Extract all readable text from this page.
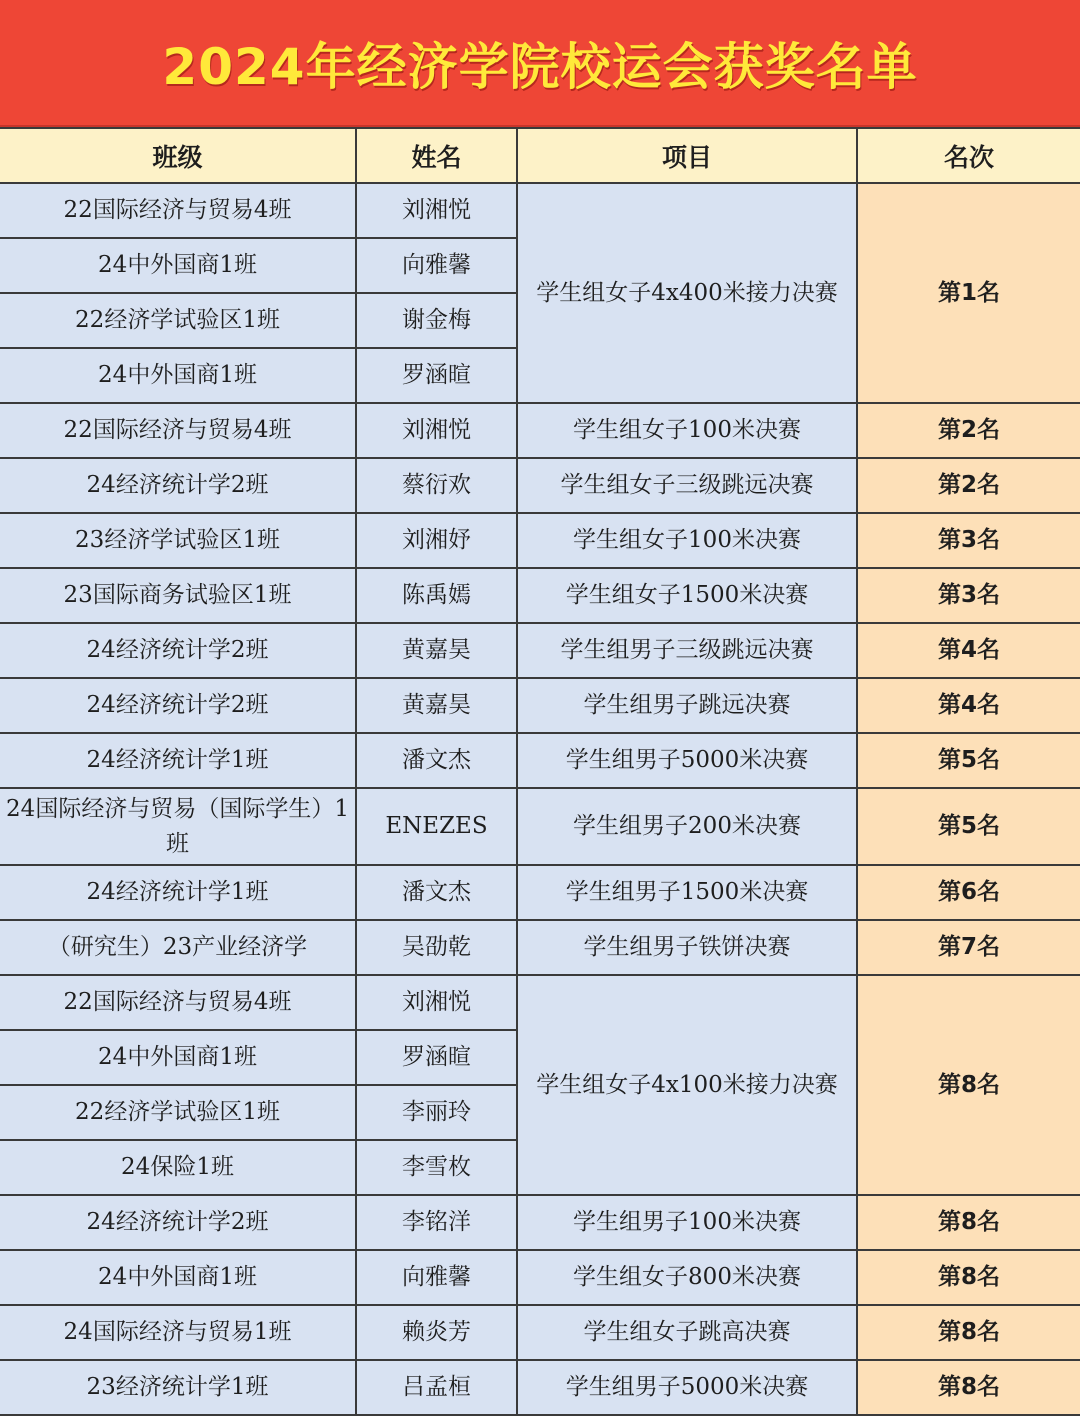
2024年经济学院校运会获奖名单
班级	姓名	项目	名次
22国际经济与贸易4班	刘湘悦	学生组女子4x400米接力决赛	第1名
24中外国商1班	向雅馨		
22经济学试验区1班	谢金梅		
24中外国商1班	罗涵暄		
22国际经济与贸易4班	刘湘悦	学生组女子100米决赛	第2名
24经济统计学2班	蔡衍欢	学生组女子三级跳远决赛	第2名
23经济学试验区1班	刘湘妤	学生组女子100米决赛	第3名
23国际商务试验区1班	陈禹嫣	学生组女子1500米决赛	第3名
24经济统计学2班	黄嘉昊	学生组男子三级跳远决赛	第4名
24经济统计学2班	黄嘉昊	学生组男子跳远决赛	第4名
24经济统计学1班	潘文杰	学生组男子5000米决赛	第5名
24国际经济与贸易（国际学生）1班	ENEZES	学生组男子200米决赛	第5名
24经济统计学1班	潘文杰	学生组男子1500米决赛	第6名
（研究生）23产业经济学	吴劭乾	学生组男子铁饼决赛	第7名
22国际经济与贸易4班	刘湘悦	学生组女子4x100米接力决赛	第8名
24中外国商1班	罗涵暄		
22经济学试验区1班	李丽玲		
24保险1班	李雪枚		
24经济统计学2班	李铭洋	学生组男子100米决赛	第8名
24中外国商1班	向雅馨	学生组女子800米决赛	第8名
24国际经济与贸易1班	赖炎芳	学生组女子跳高决赛	第8名
23经济统计学1班	吕孟桓	学生组男子5000米决赛	第8名
